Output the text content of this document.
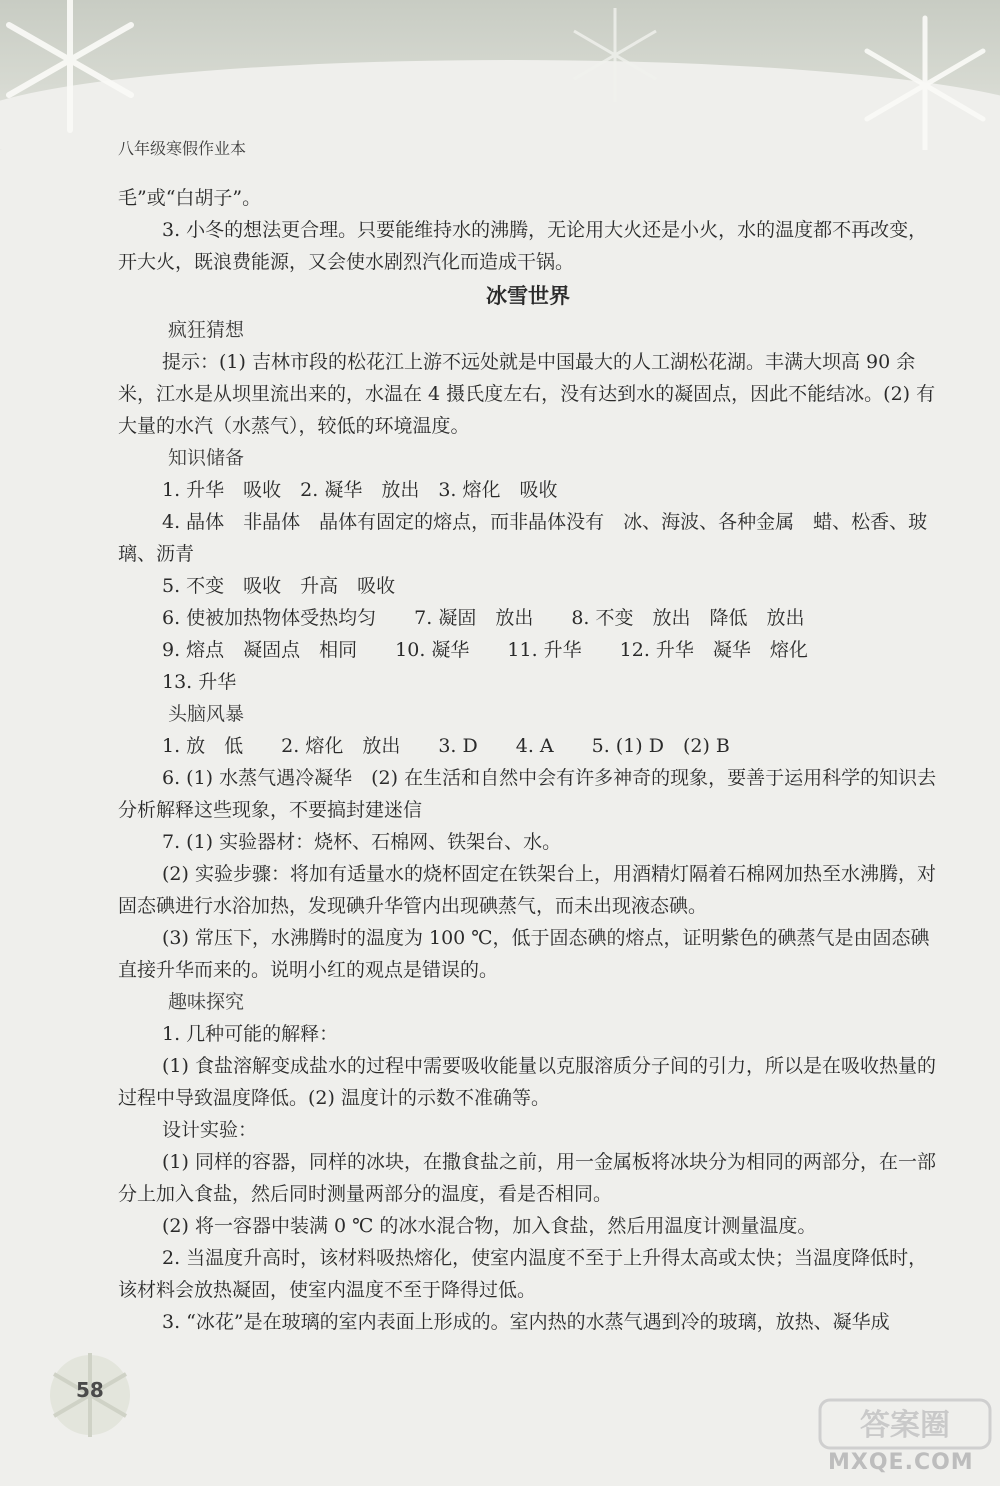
八年级寒假作业本

毛”或“白胡子”。

3. 小冬的想法更合理。只要能维持水的沸腾，无论用大火还是小火，水的温度都不再改变，开大火，既浪费能源，又会使水剧烈汽化而造成干锅。

冰雪世界

疯狂猜想

提示：(1) 吉林市段的松花江上游不远处就是中国最大的人工湖松花湖。丰满大坝高 90 余米，江水是从坝里流出来的，水温在 4 摄氏度左右，没有达到水的凝固点，因此不能结冰。(2) 有大量的水汽（水蒸气），较低的环境温度。

知识储备

1. 升华　吸收　2. 凝华　放出　3. 熔化　吸收

4. 晶体　非晶体　晶体有固定的熔点，而非晶体没有　冰、海波、各种金属　蜡、松香、玻璃、沥青

5. 不变　吸收　升高　吸收

6. 使被加热物体受热均匀　　7. 凝固　放出　　8. 不变　放出　降低　放出

9. 熔点　凝固点　相同　　10. 凝华　　11. 升华　　12. 升华　凝华　熔化

13. 升华

头脑风暴

1. 放　低　　2. 熔化　放出　　3. D　　4. A　　5. (1) D　(2) B

6. (1) 水蒸气遇冷凝华　(2) 在生活和自然中会有许多神奇的现象，要善于运用科学的知识去分析解释这些现象，不要搞封建迷信

7. (1) 实验器材：烧杯、石棉网、铁架台、水。

(2) 实验步骤：将加有适量水的烧杯固定在铁架台上，用酒精灯隔着石棉网加热至水沸腾，对固态碘进行水浴加热，发现碘升华管内出现碘蒸气，而未出现液态碘。

(3) 常压下，水沸腾时的温度为 100 ℃，低于固态碘的熔点，证明紫色的碘蒸气是由固态碘直接升华而来的。说明小红的观点是错误的。

趣味探究

1. 几种可能的解释：

(1) 食盐溶解变成盐水的过程中需要吸收能量以克服溶质分子间的引力，所以是在吸收热量的过程中导致温度降低。(2) 温度计的示数不准确等。

设计实验：

(1) 同样的容器，同样的冰块，在撒食盐之前，用一金属板将冰块分为相同的两部分，在一部分上加入食盐，然后同时测量两部分的温度，看是否相同。

(2) 将一容器中装满 0 ℃ 的冰水混合物，加入食盐，然后用温度计测量温度。

2. 当温度升高时，该材料吸热熔化，使室内温度不至于上升得太高或太快；当温度降低时，该材料会放热凝固，使室内温度不至于降得过低。

3. “冰花”是在玻璃的室内表面上形成的。室内热的水蒸气遇到冷的玻璃，放热、凝华成

58
答案圈
MXQE.COM
